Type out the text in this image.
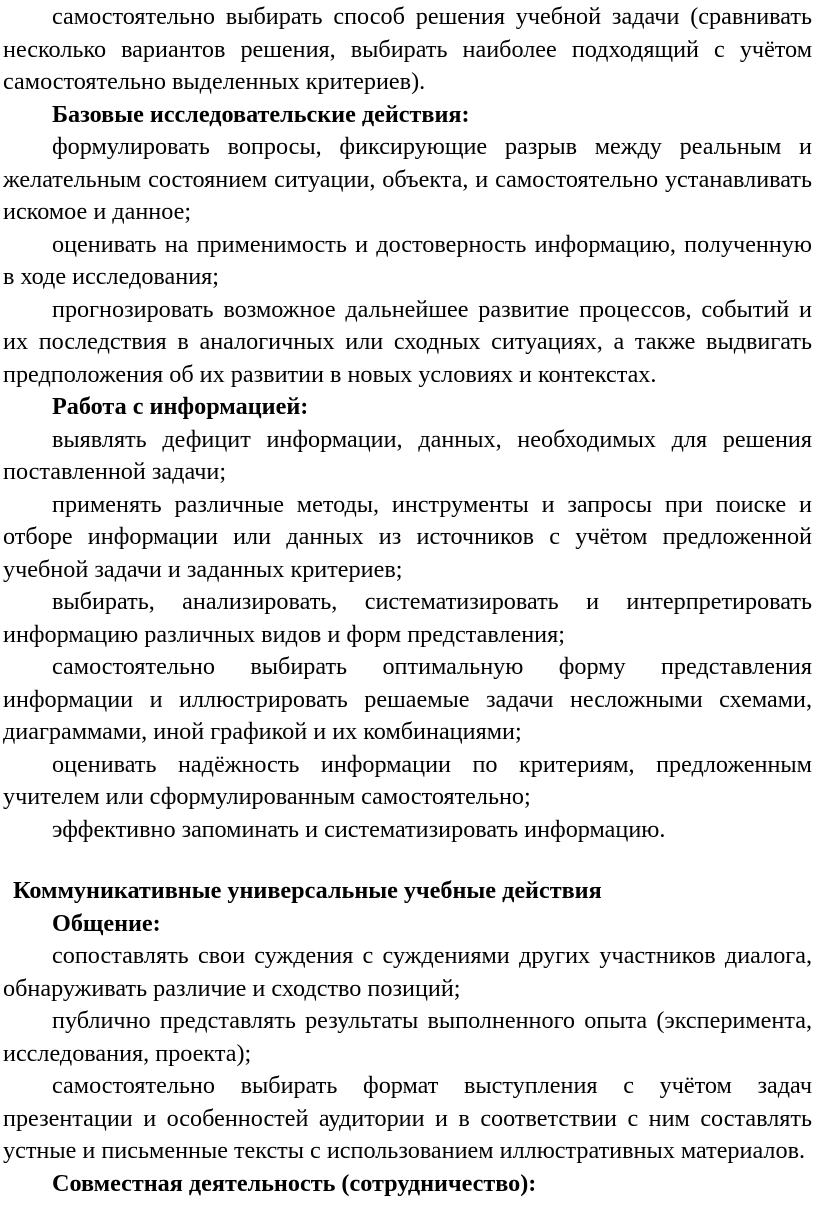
самостоятельно выбирать способ решения учебной задачи (сравнивать несколько вариантов решения, выбирать наиболее подходящий с учётом самостоятельно выделенных критериев).

Базовые исследовательские действия:

формулировать вопросы, фиксирующие разрыв между реальным и желательным состоянием ситуации, объекта, и самостоятельно устанавливать искомое и данное;

оценивать на применимость и достоверность информацию, полученную в ходе исследования;

прогнозировать возможное дальнейшее развитие процессов, событий и их последствия в аналогичных или сходных ситуациях, а также выдвигать предположения об их развитии в новых условиях и контекстах.

Работа с информацией:

выявлять дефицит информации, данных, необходимых для решения поставленной задачи;

применять различные методы, инструменты и запросы при поиске и отборе информации или данных из источников с учётом предложенной учебной задачи и заданных критериев;

выбирать, анализировать, систематизировать и интерпретировать информацию различных видов и форм представления;

самостоятельно выбирать оптимальную форму представления информации и иллюстрировать решаемые задачи несложными схемами, диаграммами, иной графикой и их комбинациями;

оценивать надёжность информации по критериям, предложенным учителем или сформулированным самостоятельно;

эффективно запоминать и систематизировать информацию.

Коммуникативные универсальные учебные действия

Общение:

сопоставлять свои суждения с суждениями других участников диалога, обнаруживать различие и сходство позиций;

публично представлять результаты выполненного опыта (эксперимента, исследования, проекта);

самостоятельно выбирать формат выступления с учётом задач презентации и особенностей аудитории и в соответствии с ним составлять устные и письменные тексты с использованием иллюстративных материалов.

Совместная деятельность (сотрудничество):
